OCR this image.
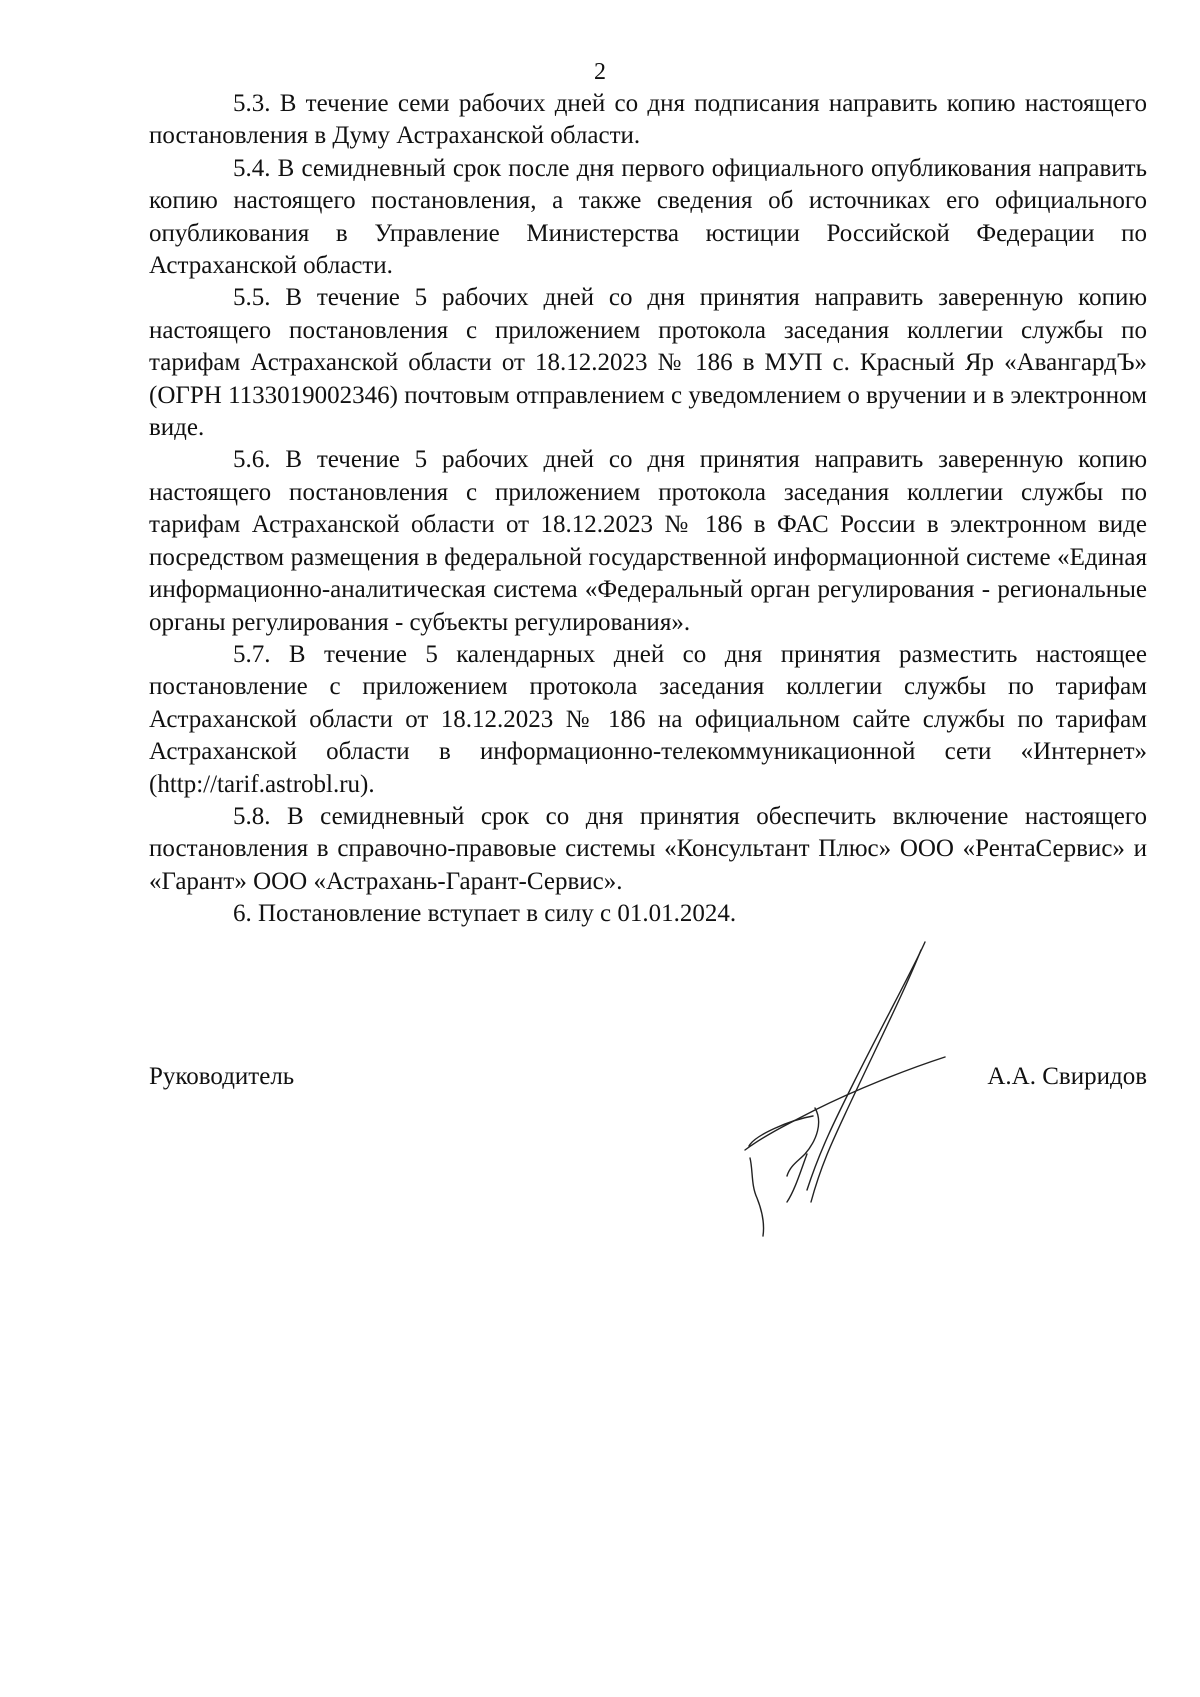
2

5.3. В течение семи рабочих дней со дня подписания направить копию настоящего постановления в Думу Астраханской области.

5.4. В семидневный срок после дня первого официального опубликования направить копию настоящего постановления, а также сведения об источниках его официального опубликования в Управление Министерства юстиции Российской Федерации по Астраханской области.

5.5. В течение 5 рабочих дней со дня принятия направить заверенную копию настоящего постановления с приложением протокола заседания коллегии службы по тарифам Астраханской области от 18.12.2023 № 186 в МУП с. Красный Яр «АвангардЪ» (ОГРН 1133019002346) почтовым отправлением с уведомлением о вручении и в электронном виде.

5.6. В течение 5 рабочих дней со дня принятия направить заверенную копию настоящего постановления с приложением протокола заседания коллегии службы по тарифам Астраханской области от 18.12.2023 № 186 в ФАС России в электронном виде посредством размещения в федеральной государственной информационной системе «Единая информационно-аналитическая система «Федеральный орган регулирования - региональные органы регулирования - субъекты регулирования».

5.7. В течение 5 календарных дней со дня принятия разместить настоящее постановление с приложением протокола заседания коллегии службы по тарифам Астраханской области от 18.12.2023 № 186 на официальном сайте службы по тарифам Астраханской области в информационно-телекоммуникационной сети «Интернет» (http://tarif.astrobl.ru).

5.8. В семидневный срок со дня принятия обеспечить включение настоящего постановления в справочно-правовые системы «Консультант Плюс» ООО «РентаСервис» и «Гарант» ООО «Астрахань-Гарант-Сервис».

6. Постановление вступает в силу с 01.01.2024.

Руководитель	А.А. Свиридов
